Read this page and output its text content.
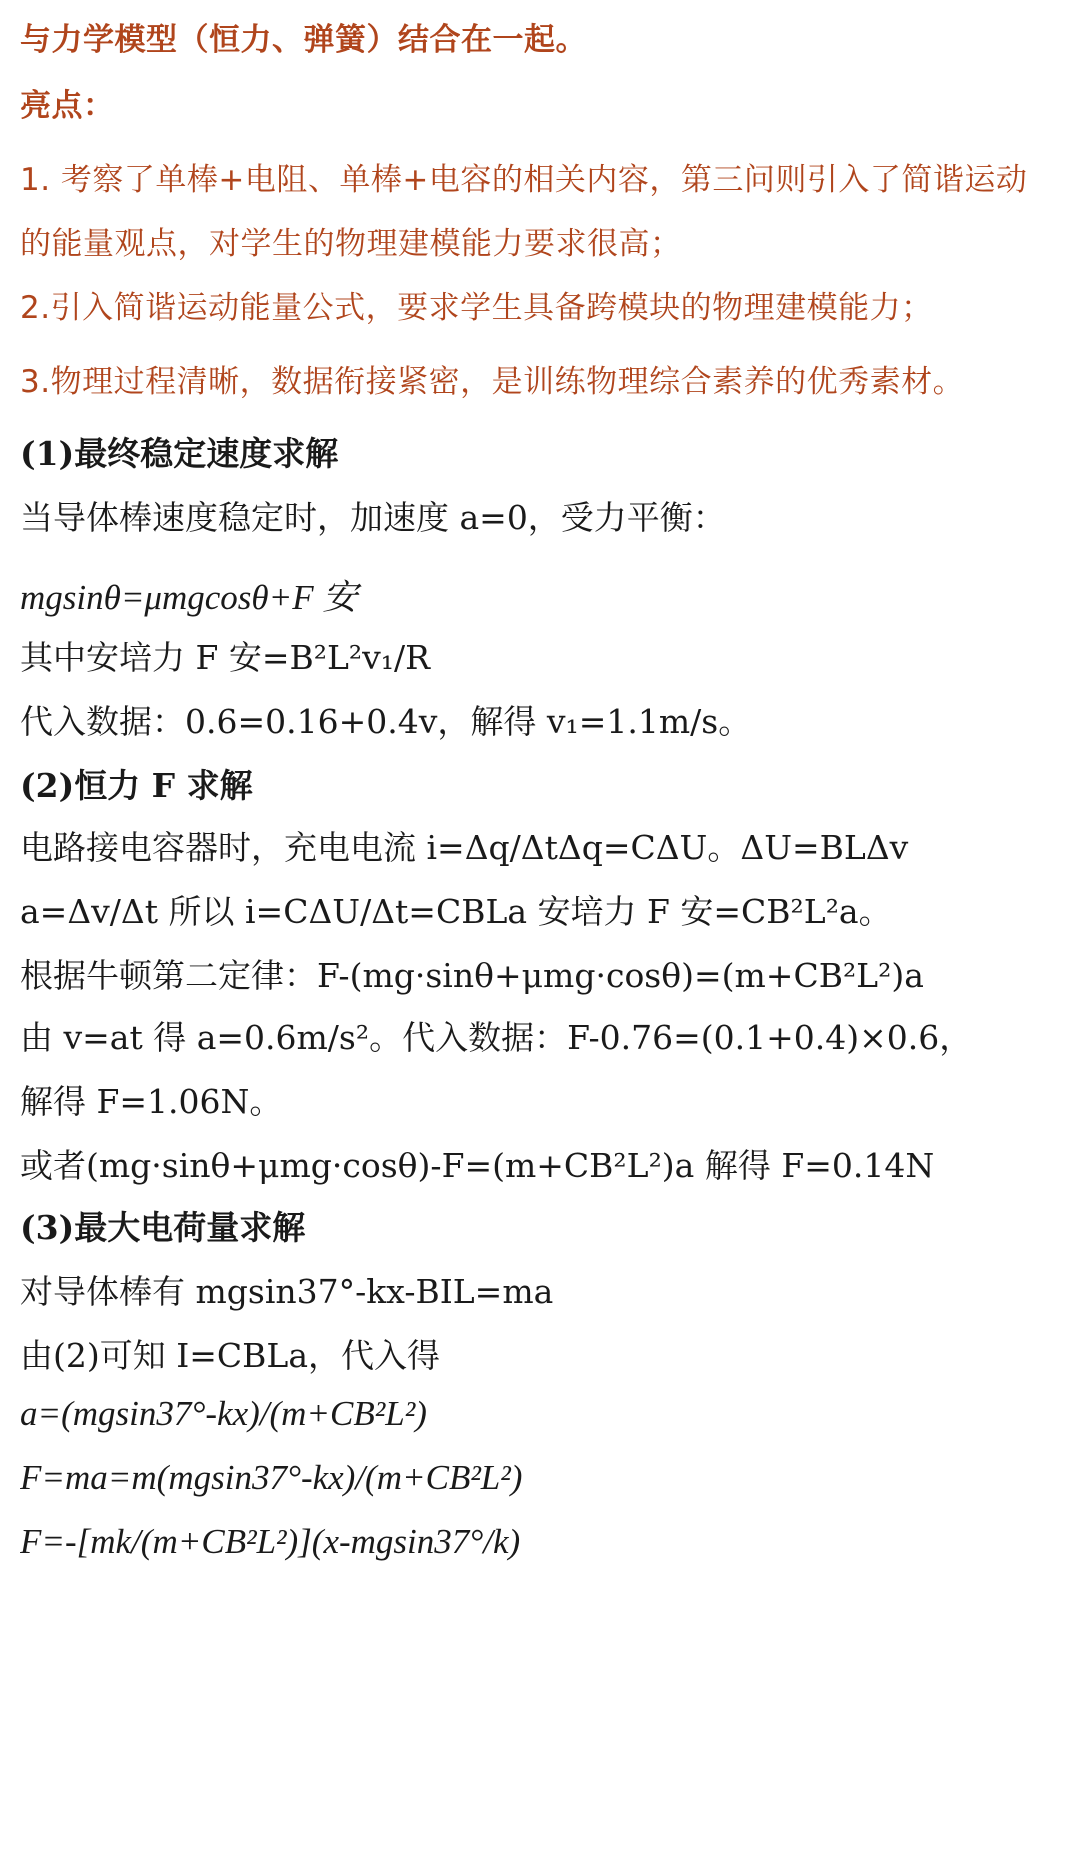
与力学模型（恒力、弹簧）结合在一起。
亮点：
1. 考察了单棒+电阻、单棒+电容的相关内容，第三问则引入了简谐运动
的能量观点，对学生的物理建模能力要求很高；
2.引入简谐运动能量公式，要求学生具备跨模块的物理建模能力；
3.物理过程清晰，数据衔接紧密，是训练物理综合素养的优秀素材。
(1)最终稳定速度求解
当导体棒速度稳定时，加速度 a=0，受力平衡：
mgsinθ=μmgcosθ+F 安
其中安培力 F 安=B²L²v₁/R
代入数据：0.6=0.16+0.4v，解得 v₁=1.1m/s。
(2)恒力 F 求解
电路接电容器时，充电电流 i=Δq/ΔtΔq=CΔU。ΔU=BLΔv
a=Δv/Δt 所以 i=CΔU/Δt=CBLa 安培力 F 安=CB²L²a。
根据牛顿第二定律：F-(mg·sinθ+μmg·cosθ)=(m+CB²L²)a
由 v=at 得 a=0.6m/s²。代入数据：F-0.76=(0.1+0.4)×0.6，
解得 F=1.06N。
或者(mg·sinθ+μmg·cosθ)-F=(m+CB²L²)a 解得 F=0.14N
(3)最大电荷量求解
对导体棒有 mgsin37°-kx-BIL=ma
由(2)可知 I=CBLa，代入得
a=(mgsin37°-kx)/(m+CB²L²)
F=ma=m(mgsin37°-kx)/(m+CB²L²)
F=-[mk/(m+CB²L²)](x-mgsin37°/k)
